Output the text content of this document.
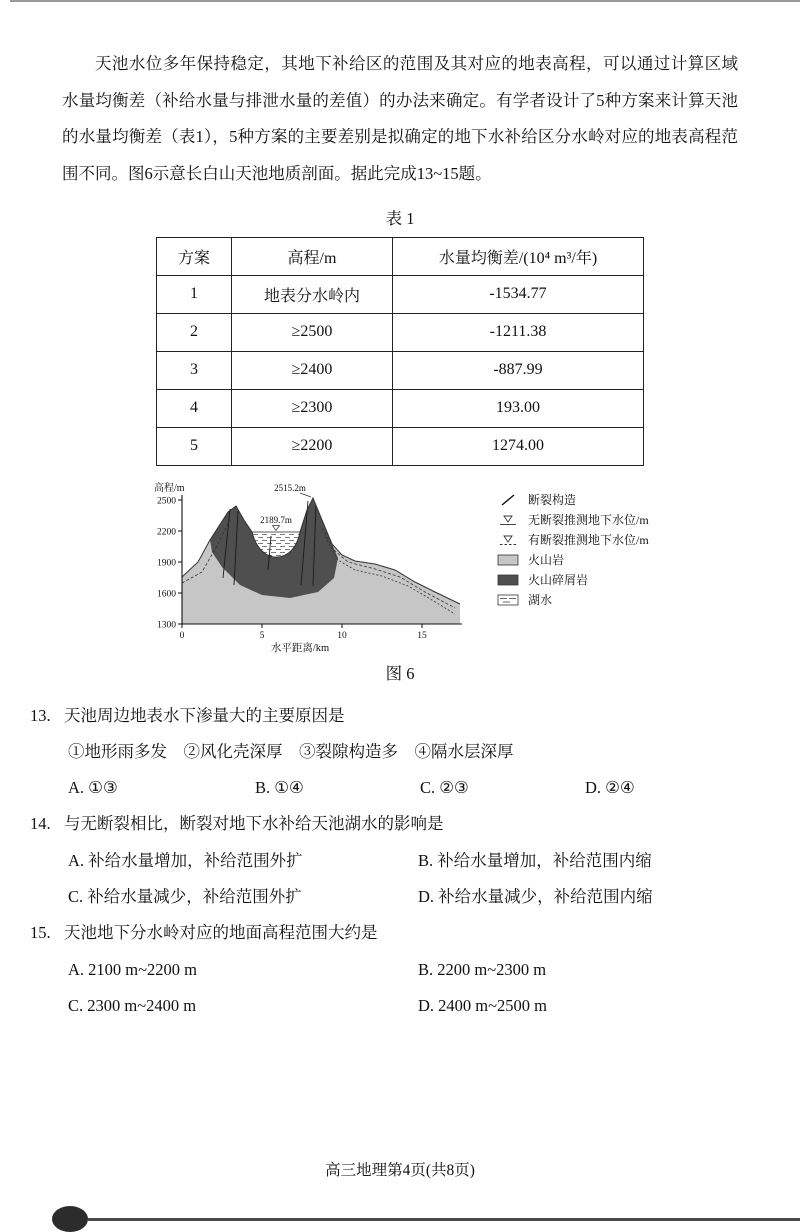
天池水位多年保持稳定，其地下补给区的范围及其对应的地表高程，可以通过计算区域水量均衡差（补给水量与排泄水量的差值）的办法来确定。有学者设计了5种方案来计算天池的水量均衡差（表1），5种方案的主要差别是拟确定的地下水补给区分水岭对应的地表高程范围不同。图6示意长白山天池地质剖面。据此完成13~15题。

表 1
方案	高程/m	水量均衡差/(10⁴ m³/年)
1	地表分水岭内	-1534.77
2	≥2500	-1211.38
3	≥2400	-887.99
4	≥2300	193.00
5	≥2200	1274.00
高程/m
2500
2200
1900
1600
1300
0	5	10	15
水平距离/km
2515.2m
2189.7m
断裂构造
无断裂推测地下水位/m
有断裂推测地下水位/m
火山岩
火山碎屑岩
湖水
图 6
13. 天池周边地表水下渗量大的主要原因是
①地形雨多发　②风化壳深厚　③裂隙构造多　④隔水层深厚
A. ①③	B. ①④	C. ②③	D. ②④
14. 与无断裂相比，断裂对地下水补给天池湖水的影响是
A. 补给水量增加，补给范围外扩	B. 补给水量增加，补给范围内缩
C. 补给水量减少，补给范围外扩	D. 补给水量减少，补给范围内缩
15. 天池地下分水岭对应的地面高程范围大约是
A. 2100 m~2200 m	B. 2200 m~2300 m
C. 2300 m~2400 m	D. 2400 m~2500 m
高三地理第4页(共8页)
